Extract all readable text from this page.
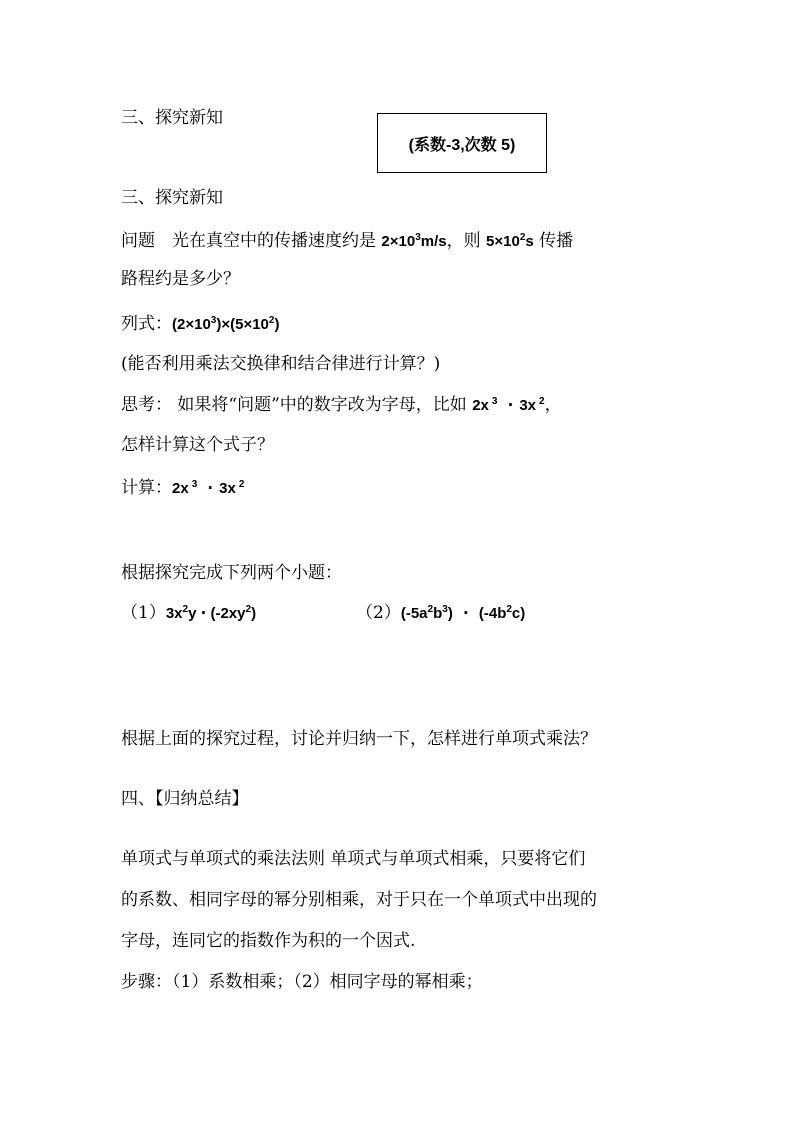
三、探究新知
(系数-3,次数 5)
三、探究新知
问题　光在真空中的传播速度约是 $2\times 10^3m/s$，则 $5\times 10^2s$ 传播
路程约是多少？
列式：$(2\times 10^3)\times(5\times 10^2)$
(能否利用乘法交换律和结合律进行计算？)
思考： 如果将“问题”中的数字改为字母，比如 2x $^3$ · 3x $^2$，
怎样计算这个式子？
计算：2x $^3$ · 3x $^2$
根据探究完成下列两个小题：
$(1)3x^2y \cdot (-2xy^2)$	$(2)(-5a^2b^3) \cdot (-4b^2c)$
根据上面的探究过程，讨论并归纳一下，怎样进行单项式乘法？
四、【归纳总结】
单项式与单项式的乘法法则 单项式与单项式相乘，只要将它们
的系数、相同字母的幂分别相乘，对于只在一个单项式中出现的
字母，连同它的指数作为积的一个因式.
步骤：（1）系数相乘；（2）相同字母的幂相乘；
